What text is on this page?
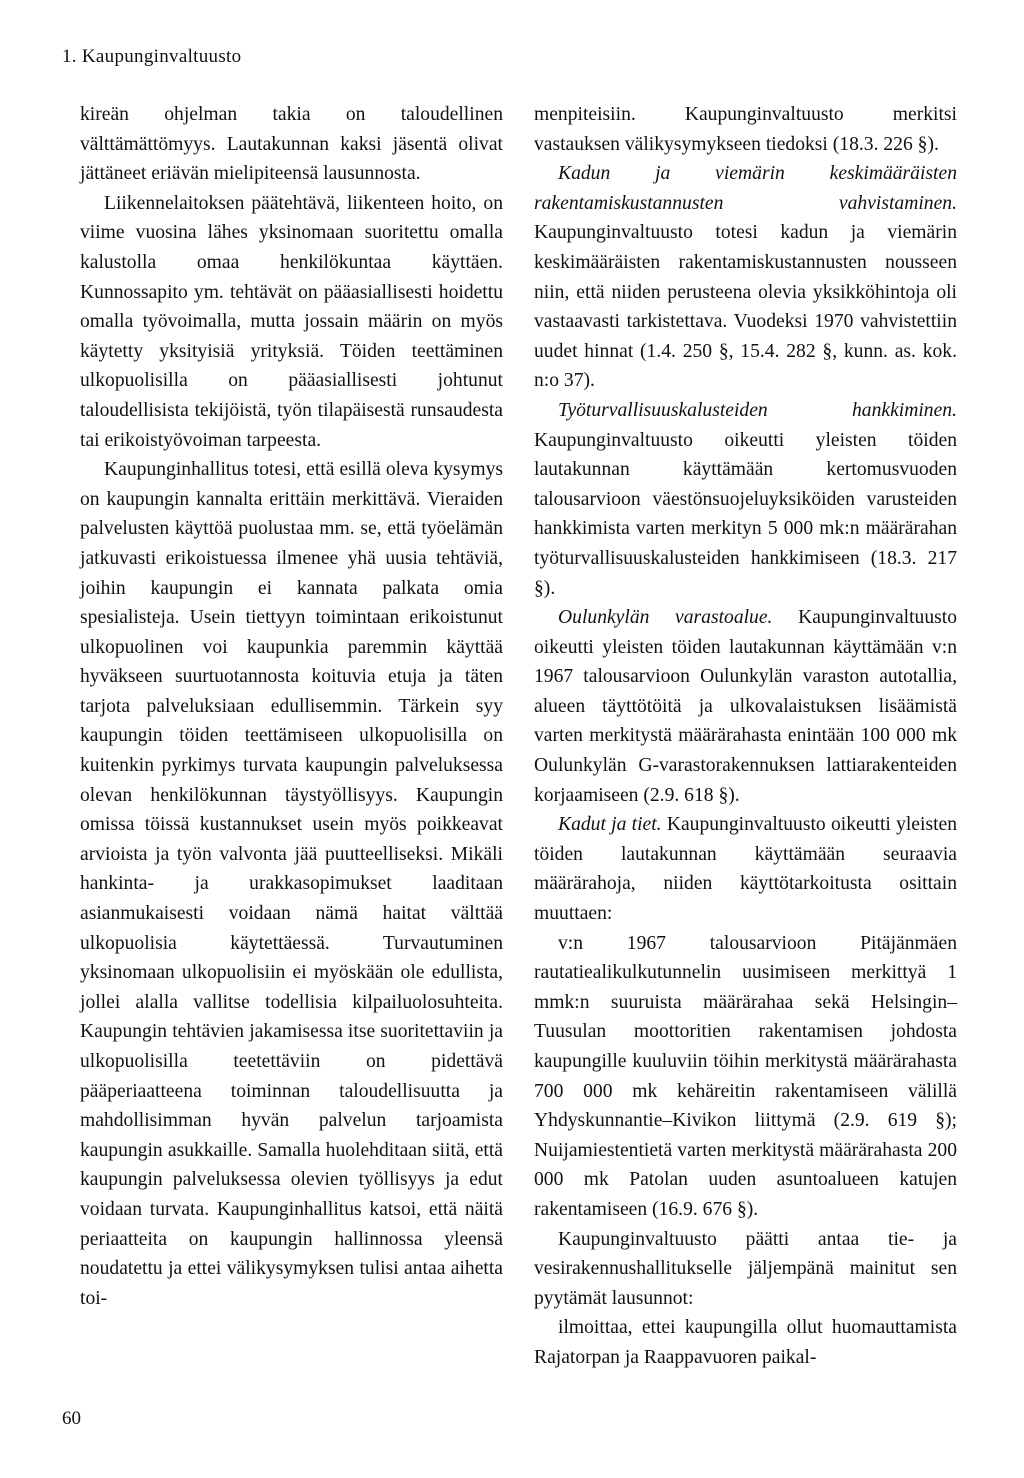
1. Kaupunginvaltuusto

kireän ohjelman takia on taloudellinen välttämättömyys. Lautakunnan kaksi jäsentä olivat jättäneet eriävän mielipiteensä lausunnosta.

Liikennelaitoksen päätehtävä, liikenteen hoito, on viime vuosina lähes yksinomaan suoritettu omalla kalustolla omaa henkilökuntaa käyttäen. Kunnossapito ym. tehtävät on pääasiallisesti hoidettu omalla työvoimalla, mutta jossain määrin on myös käytetty yksityisiä yrityksiä. Töiden teettäminen ulkopuolisilla on pääasiallisesti johtunut taloudellisista tekijöistä, työn tilapäisestä runsaudesta tai erikoistyövoiman tarpeesta.

Kaupunginhallitus totesi, että esillä oleva kysymys on kaupungin kannalta erittäin merkittävä. Vieraiden palvelusten käyttöä puolustaa mm. se, että työelämän jatkuvasti erikoistuessa ilmenee yhä uusia tehtäviä, joihin kaupungin ei kannata palkata omia spesialisteja. Usein tiettyyn toimintaan erikoistunut ulkopuolinen voi kaupunkia paremmin käyttää hyväkseen suurtuotannosta koituvia etuja ja täten tarjota palveluksiaan edullisemmin. Tärkein syy kaupungin töiden teettämiseen ulkopuolisilla on kuitenkin pyrkimys turvata kaupungin palveluksessa olevan henkilökunnan täystyöllisyys. Kaupungin omissa töissä kustannukset usein myös poikkeavat arvioista ja työn valvonta jää puutteelliseksi. Mikäli hankinta- ja urakkasopimukset laaditaan asianmukaisesti voidaan nämä haitat välttää ulkopuolisia käytettäessä. Turvautuminen yksinomaan ulkopuolisiin ei myöskään ole edullista, jollei alalla vallitse todellisia kilpailuolosuhteita. Kaupungin tehtävien jakamisessa itse suoritettaviin ja ulkopuolisilla teetettäviin on pidettävä pääperiaatteena toiminnan taloudellisuutta ja mahdollisimman hyvän palvelun tarjoamista kaupungin asukkaille. Samalla huolehditaan siitä, että kaupungin palveluksessa olevien työllisyys ja edut voidaan turvata. Kaupunginhallitus katsoi, että näitä periaatteita on kaupungin hallinnossa yleensä noudatettu ja ettei välikysymyksen tulisi antaa aihetta toi-

menpiteisiin. Kaupunginvaltuusto merkitsi vastauksen välikysymykseen tiedoksi (18.3. 226 §).

Kadun ja viemärin keskimääräisten rakentamiskustannusten vahvistaminen. Kaupunginvaltuusto totesi kadun ja viemärin keskimääräisten rakentamiskustannusten nousseen niin, että niiden perusteena olevia yksikköhintoja oli vastaavasti tarkistettava. Vuodeksi 1970 vahvistettiin uudet hinnat (1.4. 250 §, 15.4. 282 §, kunn. as. kok. n:o 37).

Työturvallisuuskalusteiden hankkiminen. Kaupunginvaltuusto oikeutti yleisten töiden lautakunnan käyttämään kertomusvuoden talousarvioon väestönsuojeluyksiköiden varusteiden hankkimista varten merkityn 5 000 mk:n määrärahan työturvallisuuskalusteiden hankkimiseen (18.3. 217 §).

Oulunkylän varastoalue. Kaupunginvaltuusto oikeutti yleisten töiden lautakunnan käyttämään v:n 1967 talousarvioon Oulunkylän varaston autotallia, alueen täyttötöitä ja ulkovalaistuksen lisäämistä varten merkitystä määrärahasta enintään 100 000 mk Oulunkylän G-varastorakennuksen lattiarakenteiden korjaamiseen (2.9. 618 §).

Kadut ja tiet. Kaupunginvaltuusto oikeutti yleisten töiden lautakunnan käyttämään seuraavia määrärahoja, niiden käyttötarkoitusta osittain muuttaen:

v:n 1967 talousarvioon Pitäjänmäen rautatiealikulkutunnelin uusimiseen merkittyä 1 mmk:n suuruista määrärahaa sekä Helsingin–Tuusulan moottoritien rakentamisen johdosta kaupungille kuuluviin töihin merkitystä määrärahasta 700 000 mk kehäreitin rakentamiseen välillä Yhdyskunnantie–Kivikon liittymä (2.9. 619 §); Nuijamiestentietä varten merkitystä määrärahasta 200 000 mk Patolan uuden asuntoalueen katujen rakentamiseen (16.9. 676 §).

Kaupunginvaltuusto päätti antaa tie- ja vesirakennushallitukselle jäljempänä mainitut sen pyytämät lausunnot:

ilmoittaa, ettei kaupungilla ollut huomauttamista Rajatorpan ja Raappavuoren paikal-

60
